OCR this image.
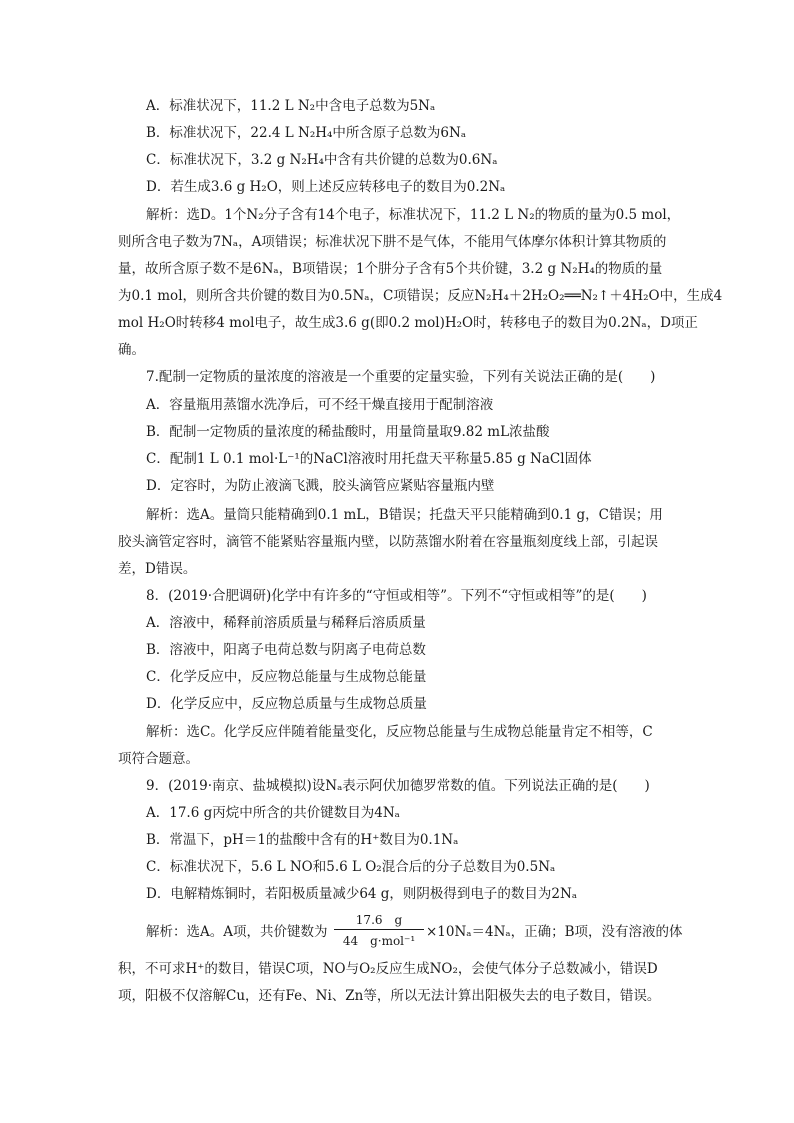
A．标准状况下，11.2 L N₂中含电子总数为5Nₐ
B．标准状况下，22.4 L N₂H₄中所含原子总数为6Nₐ
C．标准状况下，3.2 g N₂H₄中含有共价键的总数为0.6Nₐ
D．若生成3.6 g H₂O，则上述反应转移电子的数目为0.2Nₐ
解析：选D。1个N₂分子含有14个电子，标准状况下，11.2 L N₂的物质的量为0.5 mol，
则所含电子数为7Nₐ，A项错误；标准状况下肼不是气体，不能用气体摩尔体积计算其物质的
量，故所含原子数不是6Nₐ，B项错误；1个肼分子含有5个共价键，3.2 g N₂H₄的物质的量
为0.1 mol，则所含共价键的数目为0.5Nₐ，C项错误；反应N₂H₄＋2H₂O₂══N₂↑＋4H₂O中，生成4
mol H₂O时转移4 mol电子，故生成3.6 g(即0.2 mol)H₂O时，转移电子的数目为0.2Nₐ，D项正
确。
7.配制一定物质的量浓度的溶液是一个重要的定量实验，下列有关说法正确的是(　　)
A．容量瓶用蒸馏水洗净后，可不经干燥直接用于配制溶液
B．配制一定物质的量浓度的稀盐酸时，用量筒量取9.82 mL浓盐酸
C．配制1 L 0.1 mol·L⁻¹的NaCl溶液时用托盘天平称量5.85 g NaCl固体
D．定容时，为防止液滴飞溅，胶头滴管应紧贴容量瓶内壁
解析：选A。量筒只能精确到0.1 mL，B错误；托盘天平只能精确到0.1 g，C错误；用
胶头滴管定容时，滴管不能紧贴容量瓶内壁，以防蒸馏水附着在容量瓶刻度线上部，引起误
差，D错误。
8．(2019·合肥调研)化学中有许多的“守恒或相等”。下列不“守恒或相等”的是(　　)
A．溶液中，稀释前溶质质量与稀释后溶质质量
B．溶液中，阳离子电荷总数与阴离子电荷总数
C．化学反应中，反应物总能量与生成物总能量
D．化学反应中，反应物总质量与生成物总质量
解析：选C。化学反应伴随着能量变化，反应物总能量与生成物总能量肯定不相等，C
项符合题意。
9．(2019·南京、盐城模拟)设Nₐ表示阿伏加德罗常数的值。下列说法正确的是(　　)
A．17.6 g丙烷中所含的共价键数目为4Nₐ
B．常温下，pH＝1的盐酸中含有的H⁺数目为0.1Nₐ
C．标准状况下，5.6 L NO和5.6 L O₂混合后的分子总数目为0.5Nₐ
D．电解精炼铜时，若阳极质量减少64 g，则阴极得到电子的数目为2Nₐ
解析：选A。A项，共价键数为
17.6　g
44　g·mol⁻¹
×10Nₐ＝4Nₐ，正确；B项，没有溶液的体
积，不可求H⁺的数目，错误C项，NO与O₂反应生成NO₂，会使气体分子总数减小，错误D
项，阳极不仅溶解Cu，还有Fe、Ni、Zn等，所以无法计算出阳极失去的电子数目，错误。
